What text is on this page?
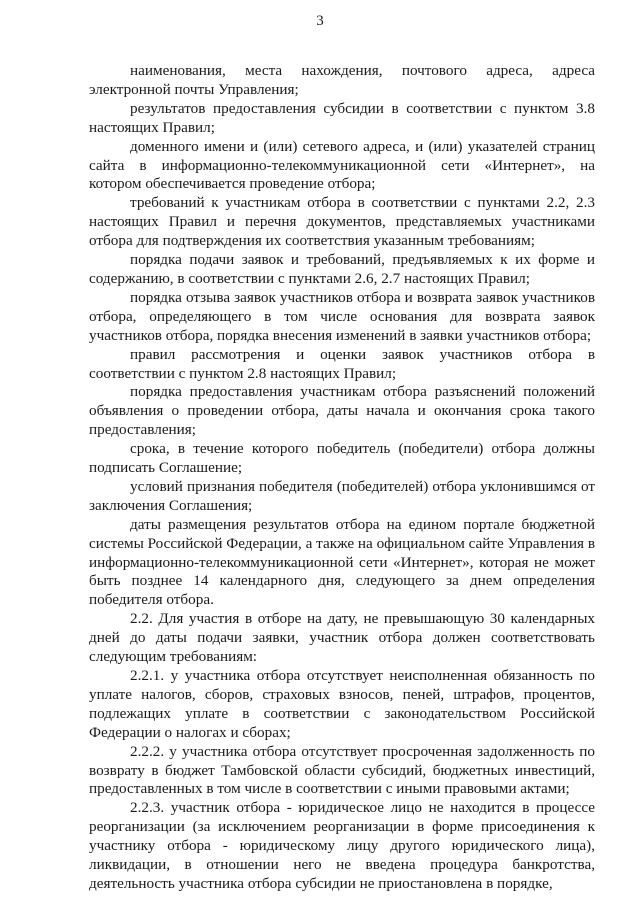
3

наименования, места нахождения, почтового адреса, адреса электронной почты Управления;

результатов предоставления субсидии в соответствии с пунктом 3.8 настоящих Правил;

доменного имени и (или) сетевого адреса, и (или) указателей страниц сайта в информационно-телекоммуникационной сети «Интернет», на котором обеспечивается проведение отбора;

требований к участникам отбора в соответствии с пунктами 2.2, 2.3 настоящих Правил и перечня документов, представляемых участниками отбора для подтверждения их соответствия указанным требованиям;

порядка подачи заявок и требований, предъявляемых к их форме и содержанию, в соответствии с пунктами 2.6, 2.7 настоящих Правил;

порядка отзыва заявок участников отбора и возврата заявок участников отбора, определяющего в том числе основания для возврата заявок участников отбора, порядка внесения изменений в заявки участников отбора;

правил рассмотрения и оценки заявок участников отбора в соответствии с пунктом 2.8 настоящих Правил;

порядка предоставления участникам отбора разъяснений положений объявления о проведении отбора, даты начала и окончания срока такого предоставления;

срока, в течение которого победитель (победители) отбора должны подписать Соглашение;

условий признания победителя (победителей) отбора уклонившимся от заключения Соглашения;

даты размещения результатов отбора на едином портале бюджетной системы Российской Федерации, а также на официальном сайте Управления в информационно-телекоммуникационной сети «Интернет», которая не может быть позднее 14 календарного дня, следующего за днем определения победителя отбора.

2.2. Для участия в отборе на дату, не превышающую 30 календарных дней до даты подачи заявки, участник отбора должен соответствовать следующим требованиям:

2.2.1. у участника отбора отсутствует неисполненная обязанность по уплате налогов, сборов, страховых взносов, пеней, штрафов, процентов, подлежащих уплате в соответствии с законодательством Российской Федерации о налогах и сборах;

2.2.2. у участника отбора отсутствует просроченная задолженность по возврату в бюджет Тамбовской области субсидий, бюджетных инвестиций, предоставленных в том числе в соответствии с иными правовыми актами;

2.2.3. участник отбора - юридическое лицо не находится в процессе реорганизации (за исключением реорганизации в форме присоединения к участнику отбора - юридическому лицу другого юридического лица), ликвидации, в отношении него не введена процедура банкротства, деятельность участника отбора субсидии не приостановлена в порядке,
